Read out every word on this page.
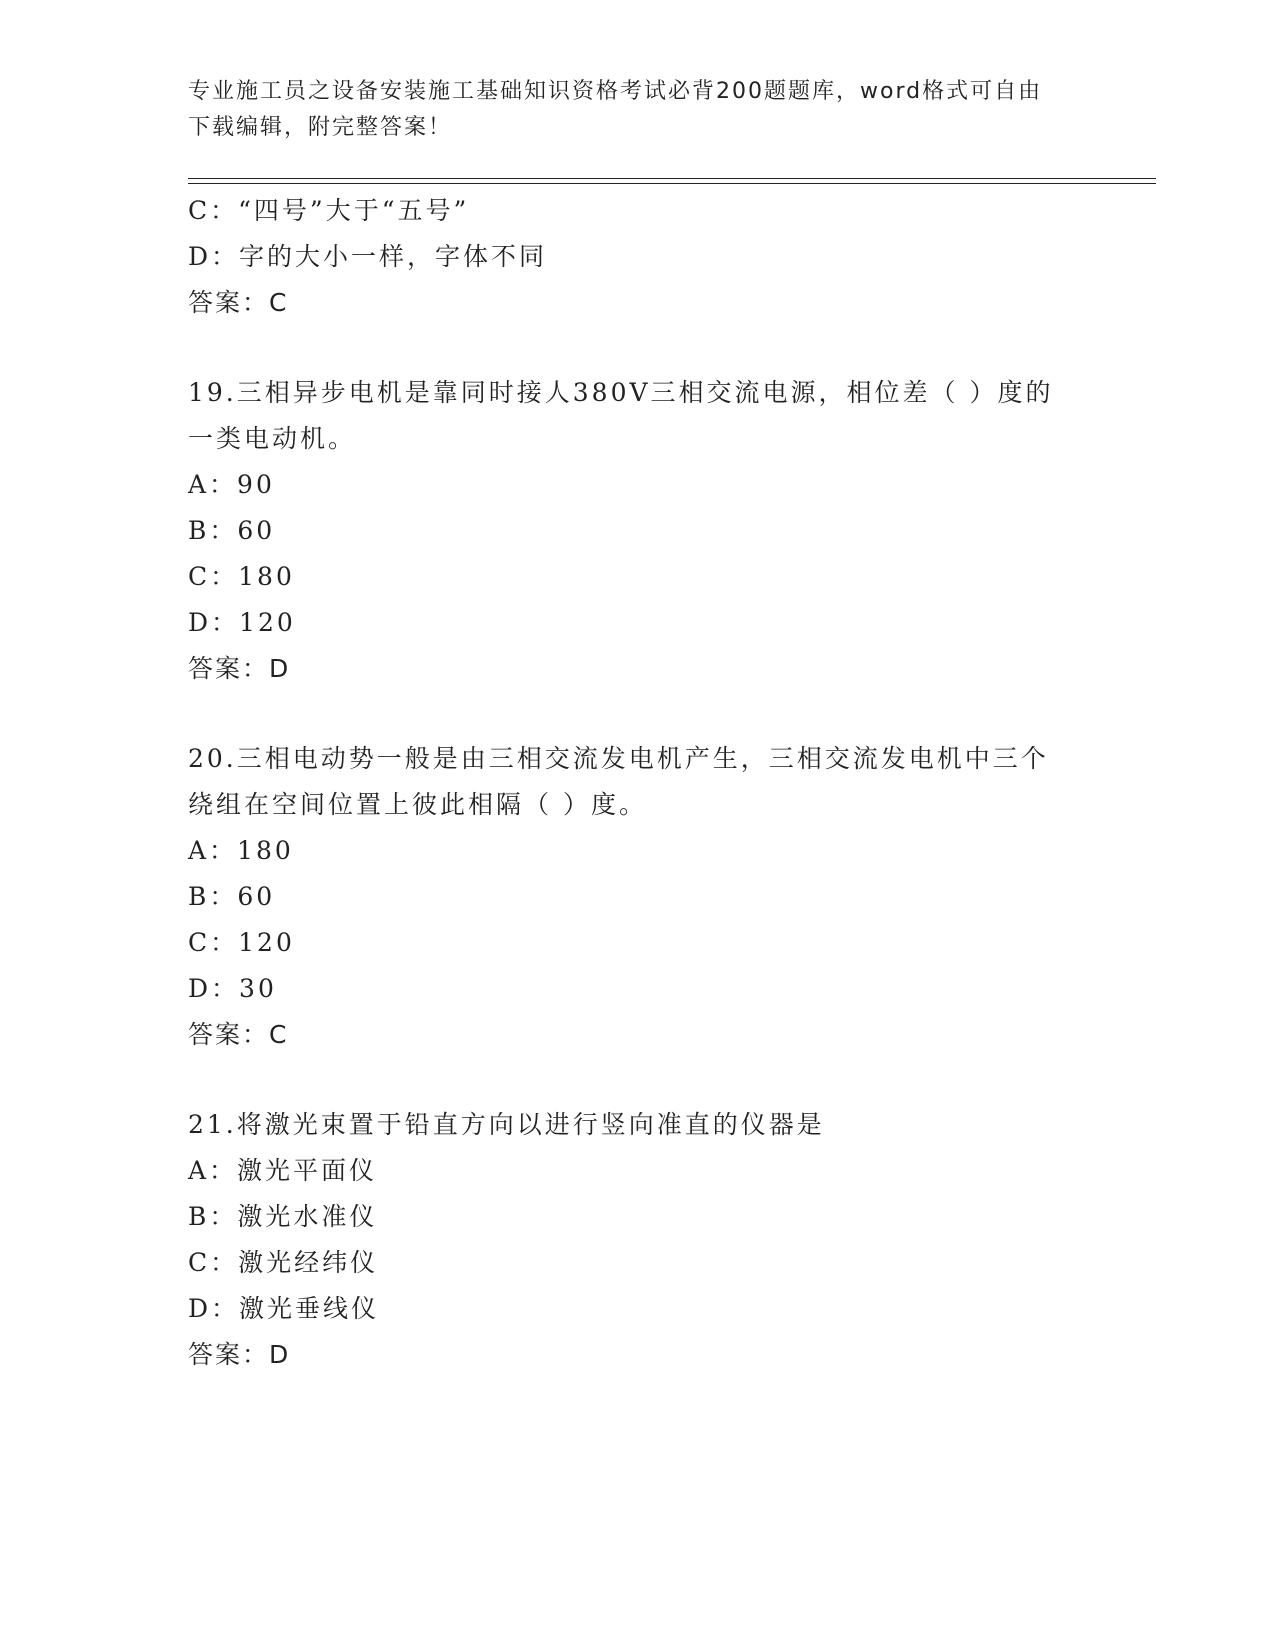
专业施工员之设备安装施工基础知识资格考试必背200题题库，word格式可自由
下载编辑，附完整答案！
C：“四号”大于“五号”
D：字的大小一样，字体不同
答案：C
19.三相异步电机是靠同时接人380V三相交流电源，相位差（ ）度的
一类电动机。
A：90
B：60
C：180
D：120
答案：D
20.三相电动势一般是由三相交流发电机产生，三相交流发电机中三个
绕组在空间位置上彼此相隔（ ）度。
A：180
B：60
C：120
D：30
答案：C
21.将激光束置于铅直方向以进行竖向准直的仪器是
A：激光平面仪
B：激光水准仪
C：激光经纬仪
D：激光垂线仪
答案：D
